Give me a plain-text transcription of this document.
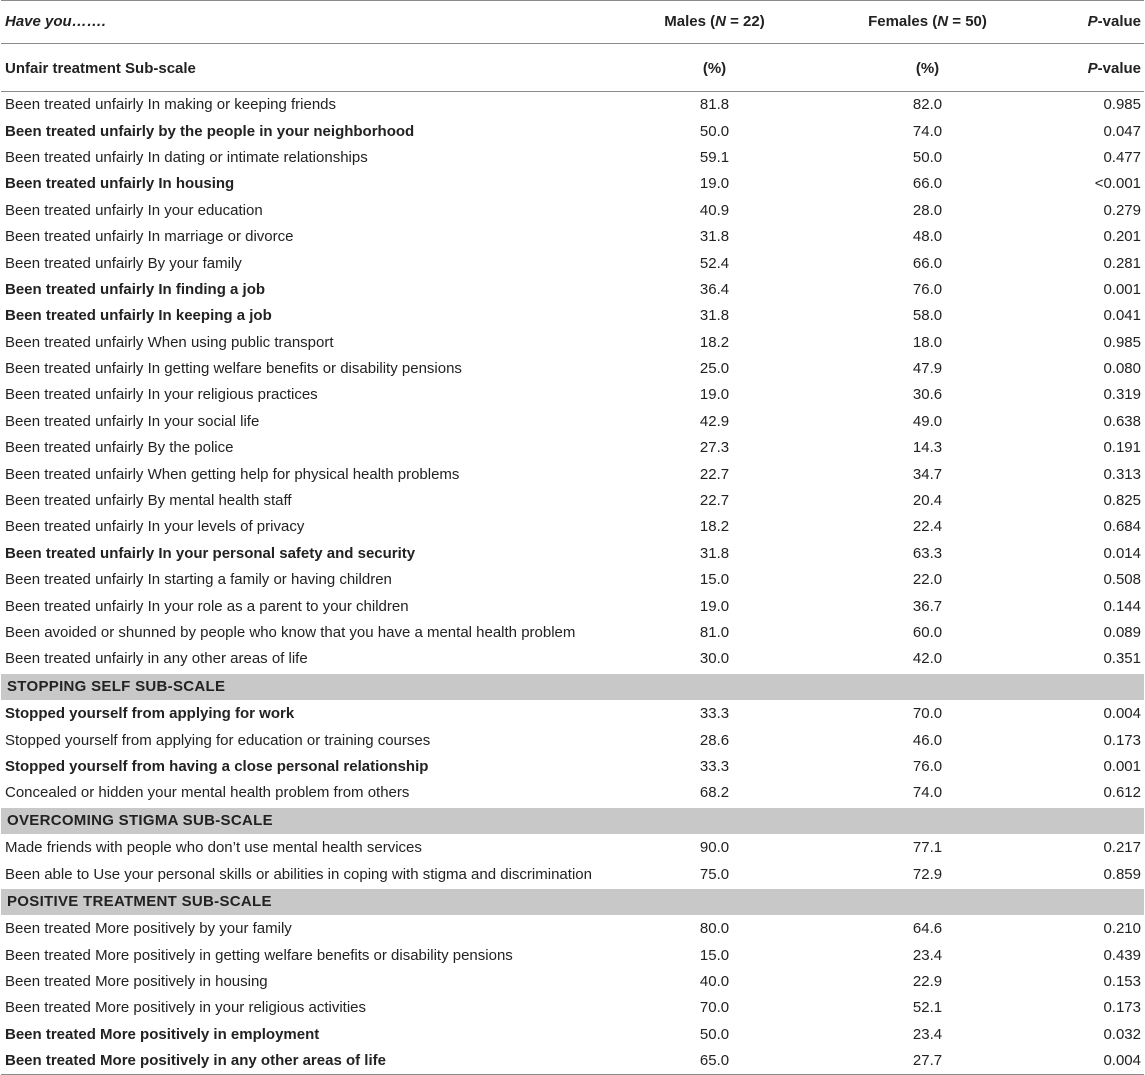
Have you…….	Males (N = 22)	Females (N = 50)	P-value
Unfair treatment Sub-scale	(%)	(%)	P-value
Been treated unfairly In making or keeping friends	81.8	82.0	0.985
Been treated unfairly by the people in your neighborhood	50.0	74.0	0.047
Been treated unfairly In dating or intimate relationships	59.1	50.0	0.477
Been treated unfairly In housing	19.0	66.0	<0.001
Been treated unfairly In your education	40.9	28.0	0.279
Been treated unfairly In marriage or divorce	31.8	48.0	0.201
Been treated unfairly By your family	52.4	66.0	0.281
Been treated unfairly In finding a job	36.4	76.0	0.001
Been treated unfairly In keeping a job	31.8	58.0	0.041
Been treated unfairly When using public transport	18.2	18.0	0.985
Been treated unfairly In getting welfare benefits or disability pensions	25.0	47.9	0.080
Been treated unfairly In your religious practices	19.0	30.6	0.319
Been treated unfairly In your social life	42.9	49.0	0.638
Been treated unfairly By the police	27.3	14.3	0.191
Been treated unfairly When getting help for physical health problems	22.7	34.7	0.313
Been treated unfairly By mental health staff	22.7	20.4	0.825
Been treated unfairly In your levels of privacy	18.2	22.4	0.684
Been treated unfairly In your personal safety and security	31.8	63.3	0.014
Been treated unfairly In starting a family or having children	15.0	22.0	0.508
Been treated unfairly In your role as a parent to your children	19.0	36.7	0.144
Been avoided or shunned by people who know that you have a mental health problem	81.0	60.0	0.089
Been treated unfairly in any other areas of life	30.0	42.0	0.351
STOPPING SELF SUB-SCALE			
Stopped yourself from applying for work	33.3	70.0	0.004
Stopped yourself from applying for education or training courses	28.6	46.0	0.173
Stopped yourself from having a close personal relationship	33.3	76.0	0.001
Concealed or hidden your mental health problem from others	68.2	74.0	0.612
OVERCOMING STIGMA SUB-SCALE			
Made friends with people who don’t use mental health services	90.0	77.1	0.217
Been able to Use your personal skills or abilities in coping with stigma and discrimination	75.0	72.9	0.859
POSITIVE TREATMENT SUB-SCALE			
Been treated More positively by your family	80.0	64.6	0.210
Been treated More positively in getting welfare benefits or disability pensions	15.0	23.4	0.439
Been treated More positively in housing	40.0	22.9	0.153
Been treated More positively in your religious activities	70.0	52.1	0.173
Been treated More positively in employment	50.0	23.4	0.032
Been treated More positively in any other areas of life	65.0	27.7	0.004
